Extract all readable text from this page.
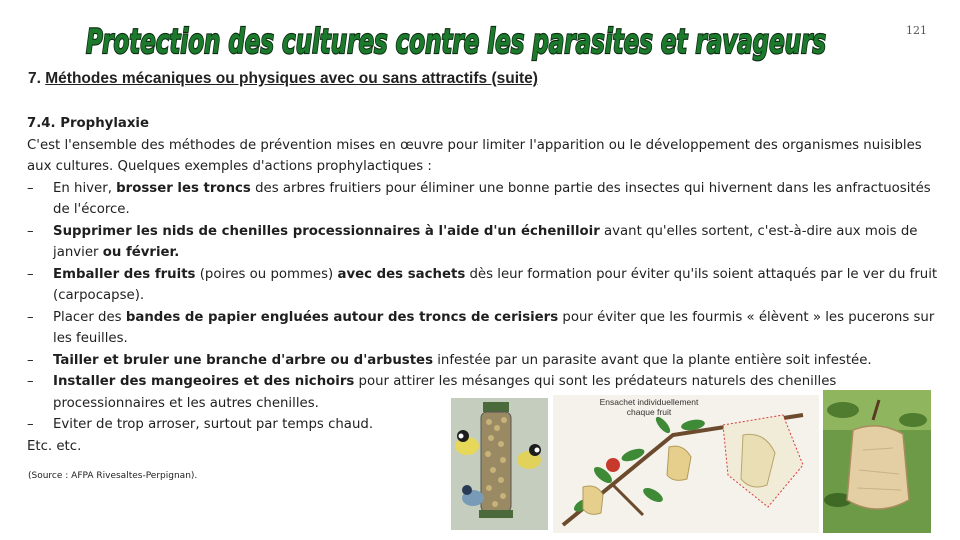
Protection des cultures contre les parasites et ravageurs	121
7. Méthodes mécaniques ou physiques avec ou sans attractifs (suite)

7.4. Prophylaxie

C'est l'ensemble des méthodes de prévention mises en œuvre pour limiter l'apparition ou le développement des organismes nuisibles aux cultures. Quelques exemples d'actions prophylactiques :

– En hiver, brosser les troncs des arbres fruitiers pour éliminer une bonne partie des insectes qui hivernent dans les anfractuosités de l'écorce.
– Supprimer les nids de chenilles processionnaires à l'aide d'un échenilloir avant qu'elles sortent, c'est-à-dire aux mois de janvier ou février.
– Emballer des fruits (poires ou pommes) avec des sachets dès leur formation pour éviter qu'ils soient attaqués par le ver du fruit (carpocapse).
– Placer des bandes de papier engluées autour des troncs de cerisiers pour éviter que les fourmis « élèvent » les pucerons sur les feuilles.
– Tailler et bruler une branche d'arbre ou d'arbustes infestée par un parasite avant que la plante entière soit infestée.
– Installer des mangeoires et des nichoirs pour attirer les mésanges qui sont les prédateurs naturels des chenilles processionnaires et les autres chenilles.
– Eviter de trop arroser, surtout par temps chaud.

Etc. etc.

(Source : AFPA Rivesaltes-Perpignan).
Ensachet individuellement chaque fruit
